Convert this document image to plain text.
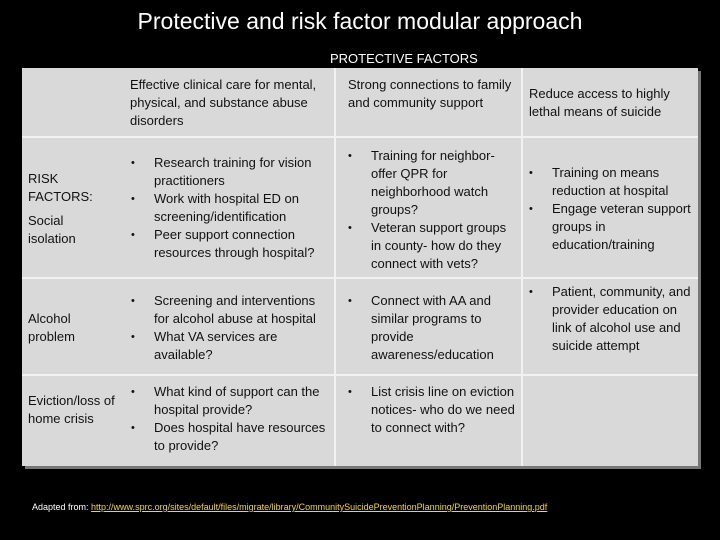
Protective and risk factor modular approach
PROTECTIVE FACTORS
Effective clinical care for mental, physical, and substance abuse disorders
Strong connections to family and community support
Reduce access to highly lethal means of suicide
RISK FACTORS:
Social isolation
Alcohol problem
Eviction/loss of home crisis
• Research training for vision practitioners
• Work with hospital ED on screening/identification
• Peer support connection resources through hospital?
• Training for neighbor-offer QPR for neighborhood watch groups?
• Veteran support groups in county- how do they connect with vets?
• Training on means reduction at hospital
• Engage veteran support groups in education/training
• Screening and interventions for alcohol abuse at hospital
• What VA services are available?
• Connect with AA and similar programs to provide awareness/education
• Patient, community, and provider education on link of alcohol use and suicide attempt
• What kind of support can the hospital provide?
• Does hospital have resources to provide?
• List crisis line on eviction notices- who do we need to connect with?
Adapted from: http://www.sprc.org/sites/default/files/migrate/library/CommunitySuicidePreventionPlanning/PreventionPlanning.pdf
